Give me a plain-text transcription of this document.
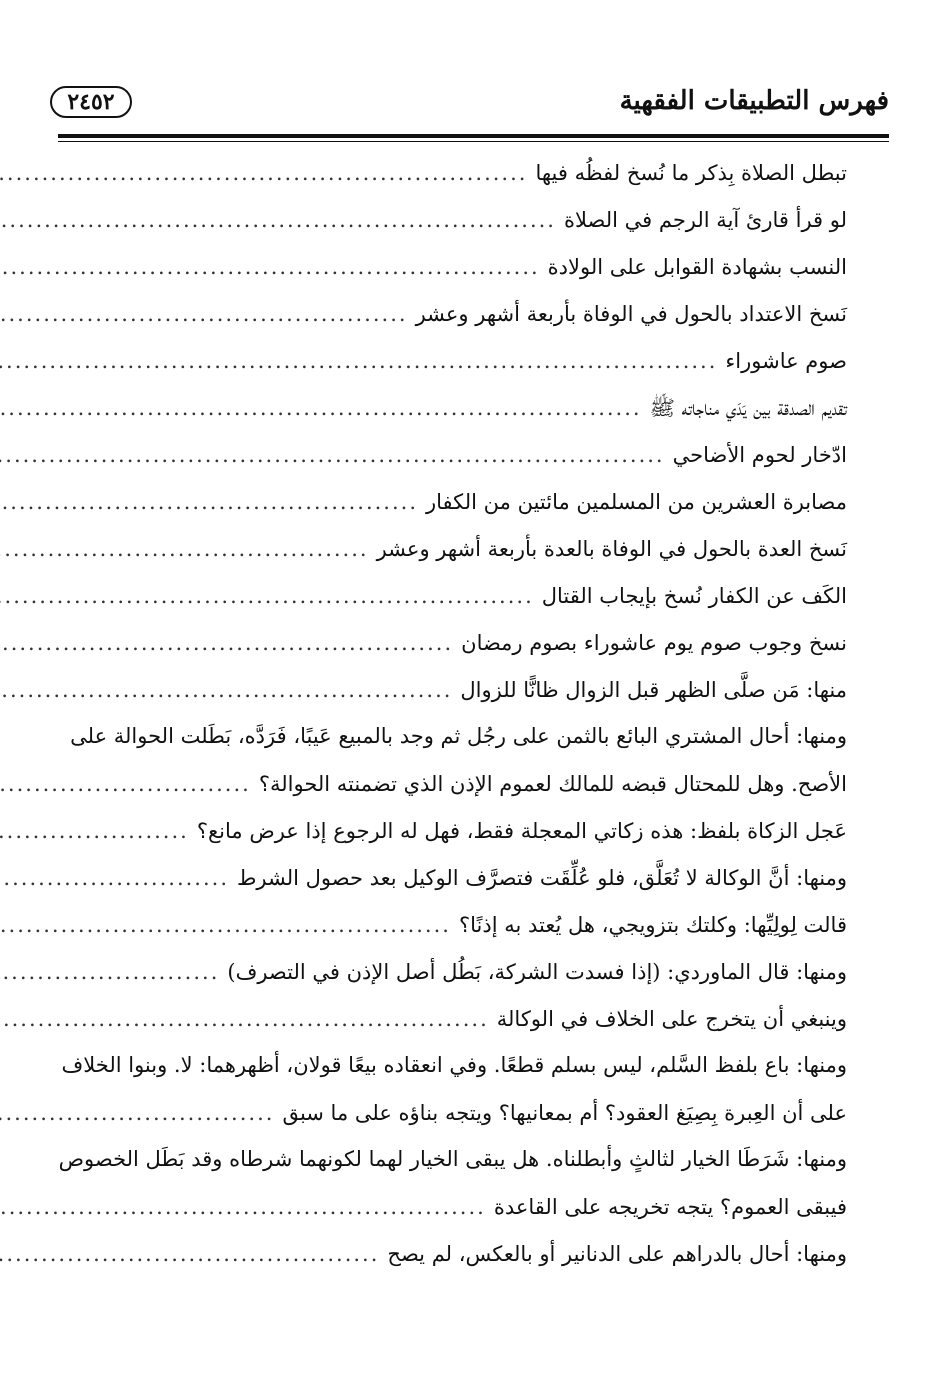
فهرس التطبيقات الفقهية
٢٤٥٢
تبطل الصلاة بِذكر ما نُسخ لفظُه فيها
.....
لو قرأ قارئ آية الرجم في الصلاة
.....
النسب بشهادة القوابل على الولادة
.....
نَسخ الاعتداد بالحول في الوفاة بأربعة أشهر وعشر
.....
صوم عاشوراء
.....
تقديم الصدقة بين يَدَي مناجاته ﷺ
.....
ادّخار لحوم الأضاحي
.....
مصابرة العشرين من المسلمين مائتين من الكفار
.....
نَسخ العدة بالحول في الوفاة بالعدة بأربعة أشهر وعشر
.....
الكَف عن الكفار نُسخ بإيجاب القتال
.....
نسخ وجوب صوم يوم عاشوراء بصوم رمضان
.....
منها: مَن صلَّى الظهر قبل الزوال ظانًّا للزوال
.....
ومنها: أحال المشتري البائع بالثمن على رجُل ثم وجد بالمبيع عَيبًا، فَرَدَّه، بَطَلت الحوالة على
الأصح. وهل للمحتال قبضه للمالك لعموم الإذن الذي تضمنته الحوالة؟
.....
عَجل الزكاة بلفظ: هذه زكاتي المعجلة فقط، فهل له الرجوع إذا عرض مانع؟
.....
ومنها: أنَّ الوكالة لا تُعَلَّق، فلو عُلِّقَت فتصرَّف الوكيل بعد حصول الشرط
.....
قالت لِولِيِّها: وكلتك بتزويجي، هل يُعتد به إذنًا؟
.....
ومنها: قال الماوردي: (إذا فسدت الشركة، بَطُل أصل الإذن في التصرف)
.....
وينبغي أن يتخرج على الخلاف في الوكالة
.....
ومنها: باع بلفظ السَّلم، ليس بسلم قطعًا. وفي انعقاده بيعًا قولان، أظهرهما: لا. وبنوا الخلاف
على أن العِبرة بِصِيَغ العقود؟ أم بمعانيها؟ ويتجه بناؤه على ما سبق
.....
ومنها: شَرَطَا الخيار لثالثٍ وأبطلناه. هل يبقى الخيار لهما لكونهما شرطاه وقد بَطَل الخصوص
فيبقى العموم؟ يتجه تخريجه على القاعدة
.....
ومنها: أحال بالدراهم على الدنانير أو بالعكس، لم يصح
.....
